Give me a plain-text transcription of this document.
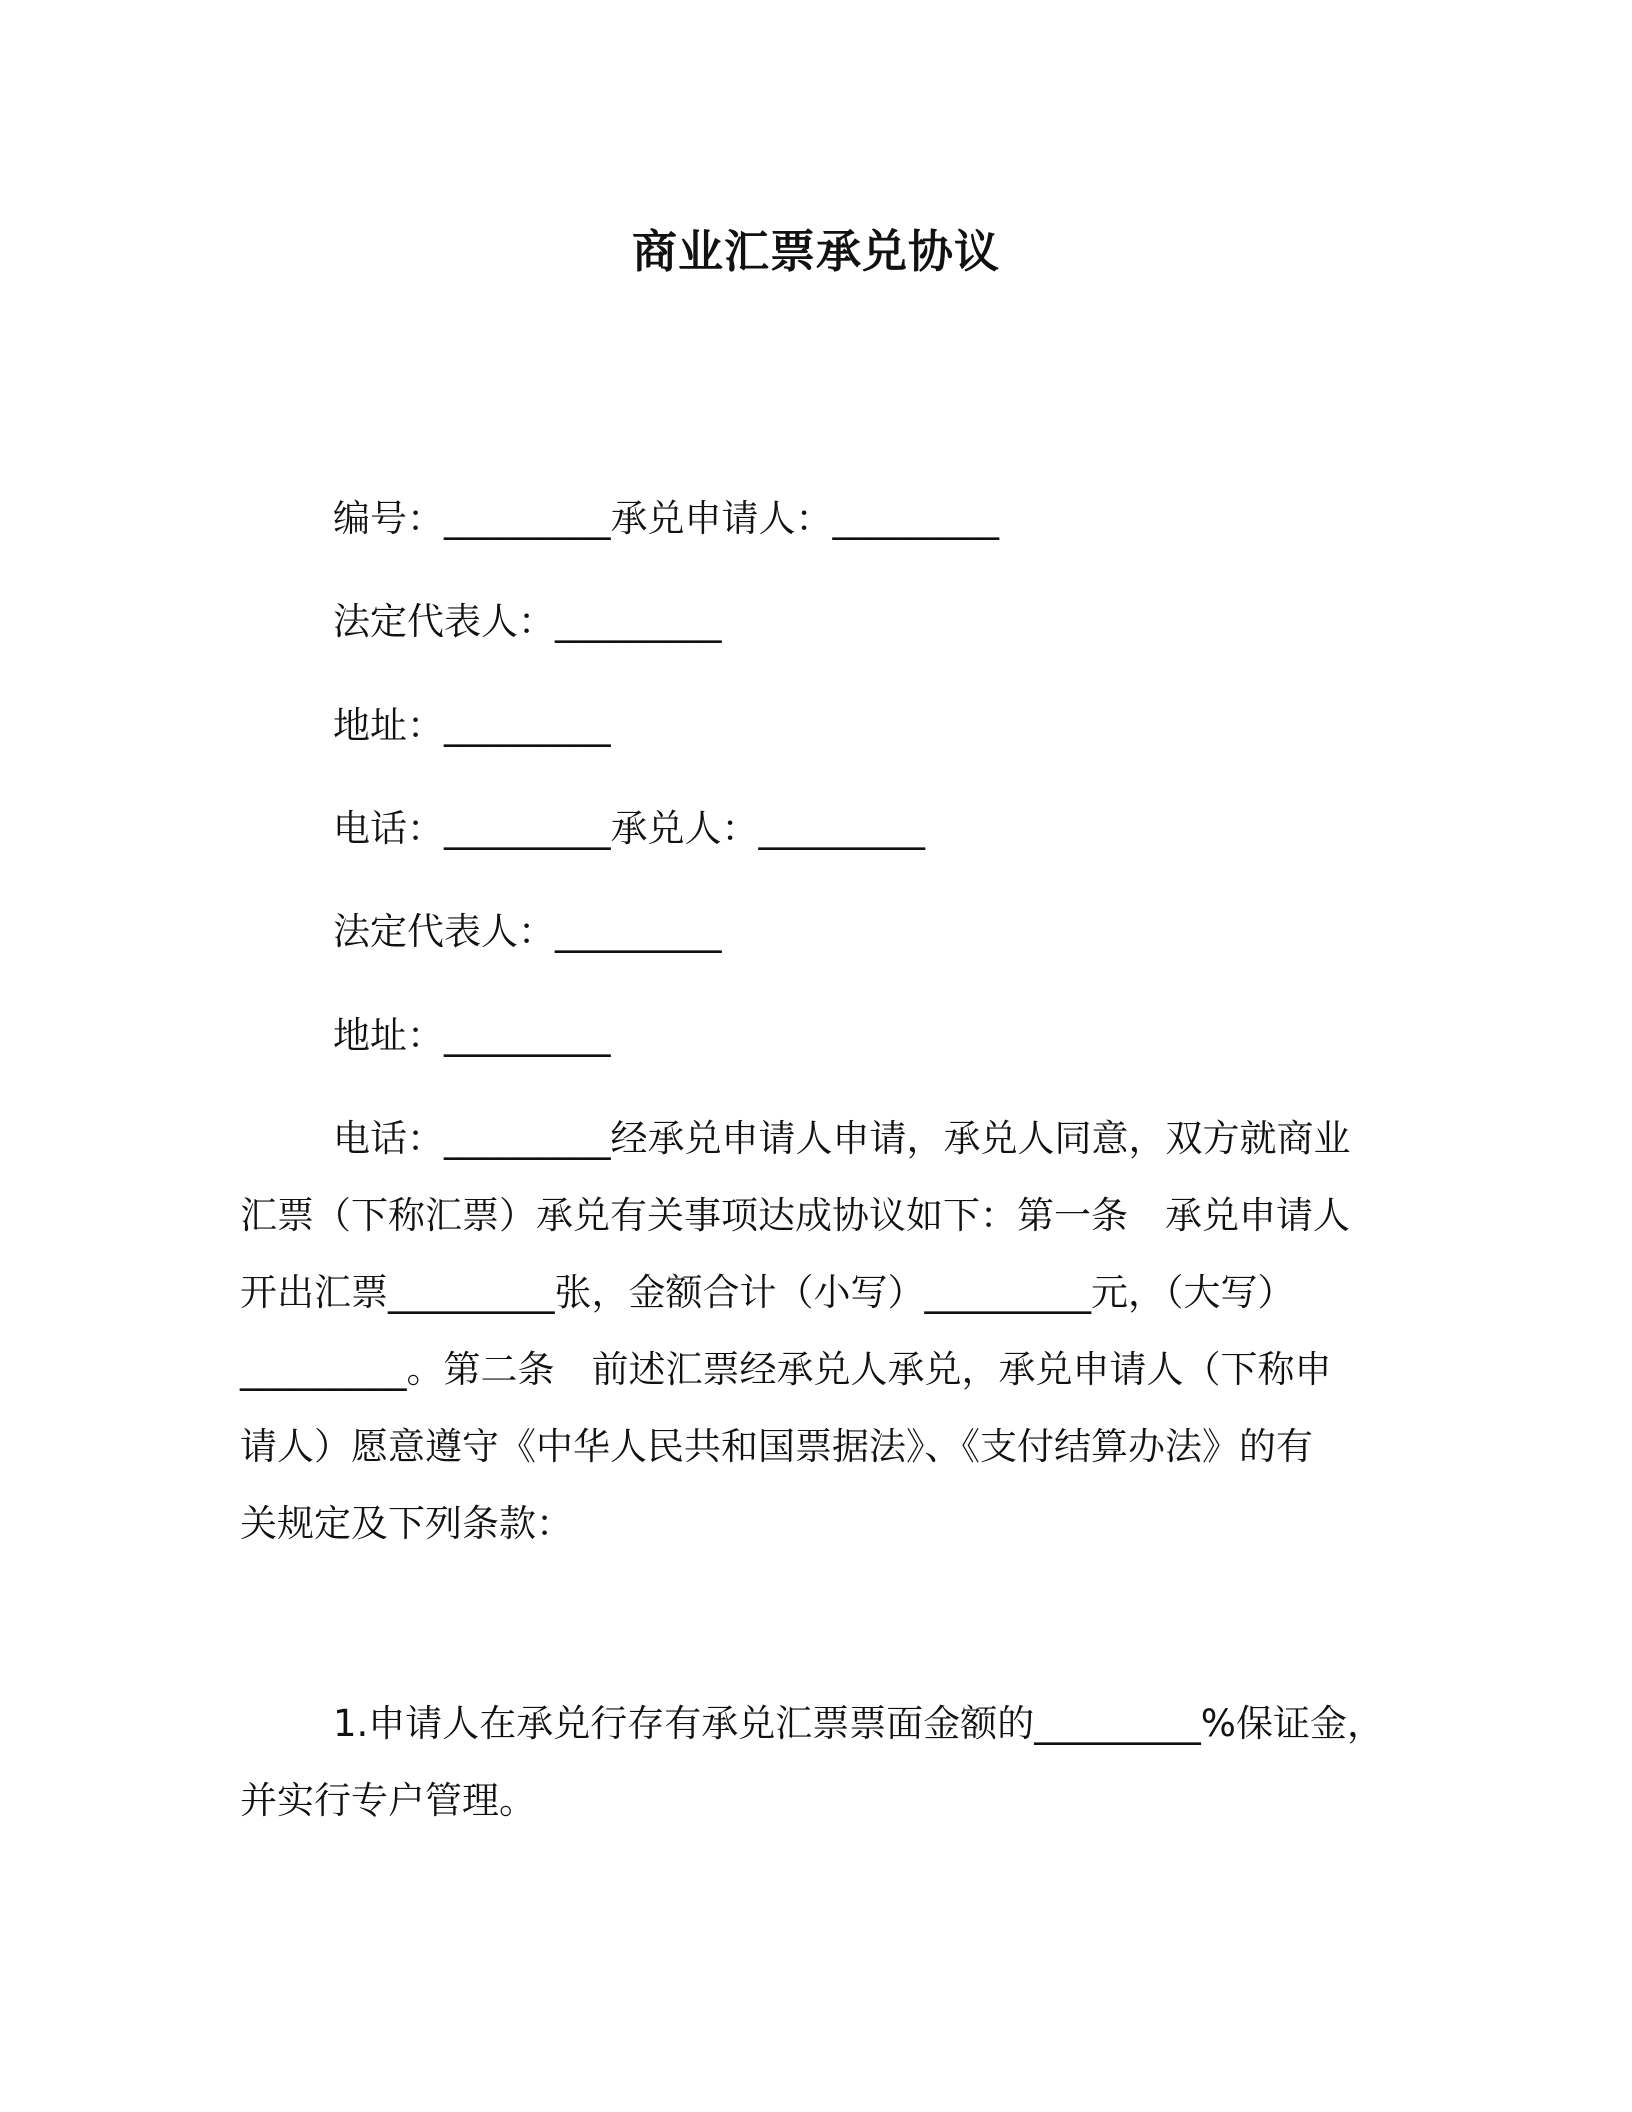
商业汇票承兑协议
编号：_________承兑申请人：_________
法定代表人：_________
地址：_________
电话：_________承兑人：_________
法定代表人：_________
地址：_________
电话：_________经承兑申请人申请，承兑人同意，双方就商业
汇票（下称汇票）承兑有关事项达成协议如下：第一条　承兑申请人
开出汇票_________张，金额合计（小写）_________元，（大写）
_________。第二条　前述汇票经承兑人承兑，承兑申请人（下称申
请人）愿意遵守《中华人民共和国票据法》、《支付结算办法》的有
关规定及下列条款：
1.申请人在承兑行存有承兑汇票票面金额的_________%保证金，
并实行专户管理。
